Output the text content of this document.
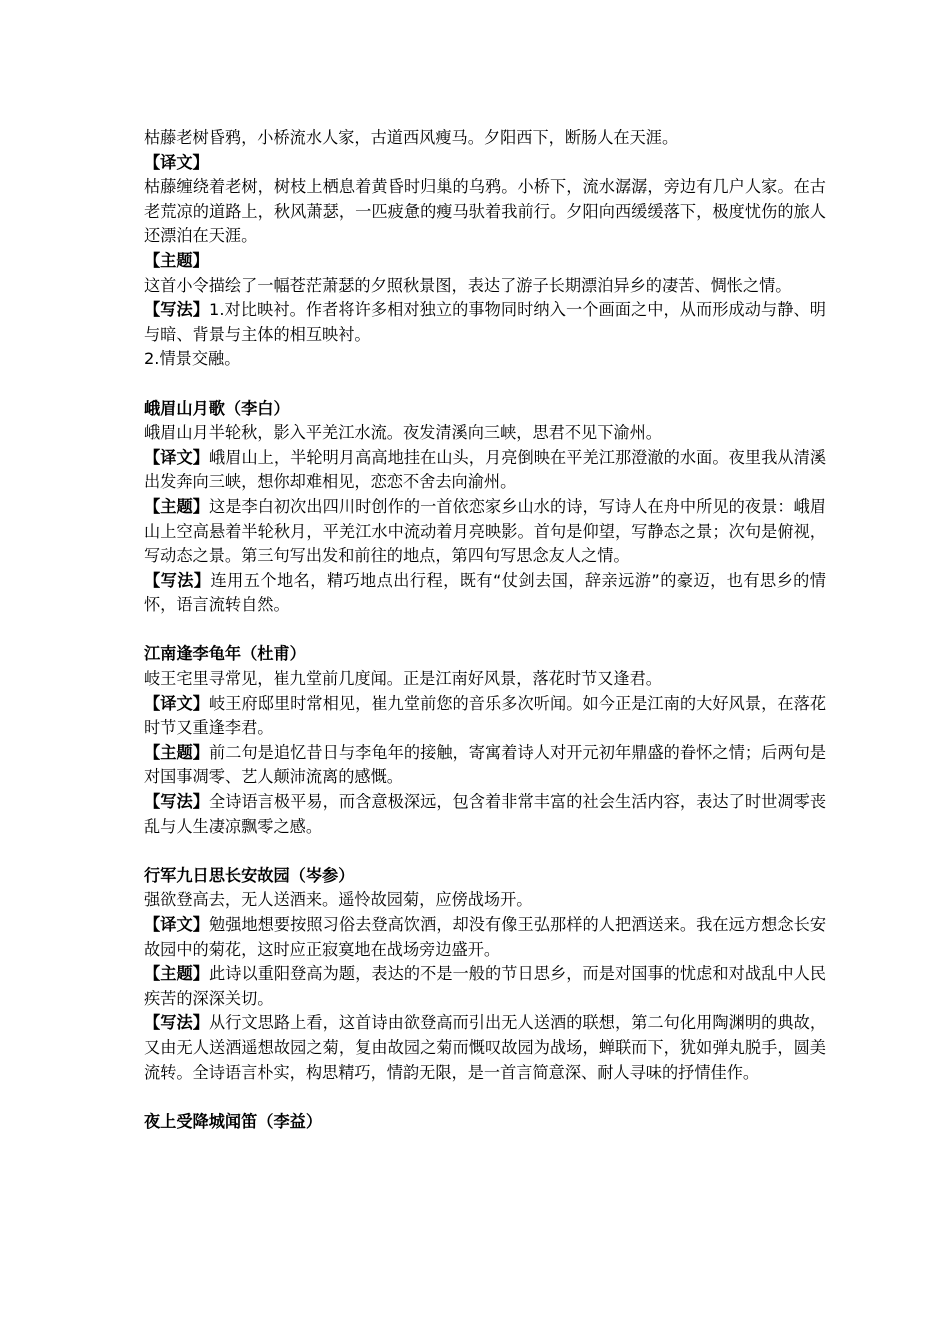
枯藤老树昏鸦，小桥流水人家，古道西风瘦马。夕阳西下，断肠人在天涯。

【译文】

枯藤缠绕着老树，树枝上栖息着黄昏时归巢的乌鸦。小桥下，流水潺潺，旁边有几户人家。在古老荒凉的道路上，秋风萧瑟，一匹疲惫的瘦马驮着我前行。夕阳向西缓缓落下，极度忧伤的旅人还漂泊在天涯。

【主题】

这首小令描绘了一幅苍茫萧瑟的夕照秋景图，表达了游子长期漂泊异乡的凄苦、惆怅之情。

【写法】1.对比映衬。作者将许多相对独立的事物同时纳入一个画面之中，从而形成动与静、明与暗、背景与主体的相互映衬。

2.情景交融。

峨眉山月歌（李白）

峨眉山月半轮秋，影入平羌江水流。夜发清溪向三峡，思君不见下渝州。

【译文】峨眉山上，半轮明月高高地挂在山头，月亮倒映在平羌江那澄澈的水面。夜里我从清溪出发奔向三峡，想你却难相见，恋恋不舍去向渝州。

【主题】这是李白初次出四川时创作的一首依恋家乡山水的诗，写诗人在舟中所见的夜景：峨眉山上空高悬着半轮秋月，平羌江水中流动着月亮映影。首句是仰望，写静态之景；次句是俯视，写动态之景。第三句写出发和前往的地点，第四句写思念友人之情。

【写法】连用五个地名，精巧地点出行程，既有“仗剑去国，辞亲远游”的豪迈，也有思乡的情怀，语言流转自然。

江南逢李龟年（杜甫）

岐王宅里寻常见，崔九堂前几度闻。正是江南好风景，落花时节又逢君。

【译文】岐王府邸里时常相见，崔九堂前您的音乐多次听闻。如今正是江南的大好风景，在落花时节又重逢李君。

【主题】前二句是追忆昔日与李龟年的接触，寄寓着诗人对开元初年鼎盛的眷怀之情；后两句是对国事凋零、艺人颠沛流离的感慨。

【写法】全诗语言极平易，而含意极深远，包含着非常丰富的社会生活内容，表达了时世凋零丧乱与人生凄凉飘零之感。

行军九日思长安故园（岑参）

强欲登高去，无人送酒来。遥怜故园菊，应傍战场开。

【译文】勉强地想要按照习俗去登高饮酒，却没有像王弘那样的人把酒送来。我在远方想念长安故园中的菊花，这时应正寂寞地在战场旁边盛开。

【主题】此诗以重阳登高为题，表达的不是一般的节日思乡，而是对国事的忧虑和对战乱中人民疾苦的深深关切。

【写法】从行文思路上看，这首诗由欲登高而引出无人送酒的联想，第二句化用陶渊明的典故，又由无人送酒遥想故园之菊，复由故园之菊而慨叹故园为战场，蝉联而下，犹如弹丸脱手，圆美流转。全诗语言朴实，构思精巧，情韵无限，是一首言简意深、耐人寻味的抒情佳作。

夜上受降城闻笛（李益）
